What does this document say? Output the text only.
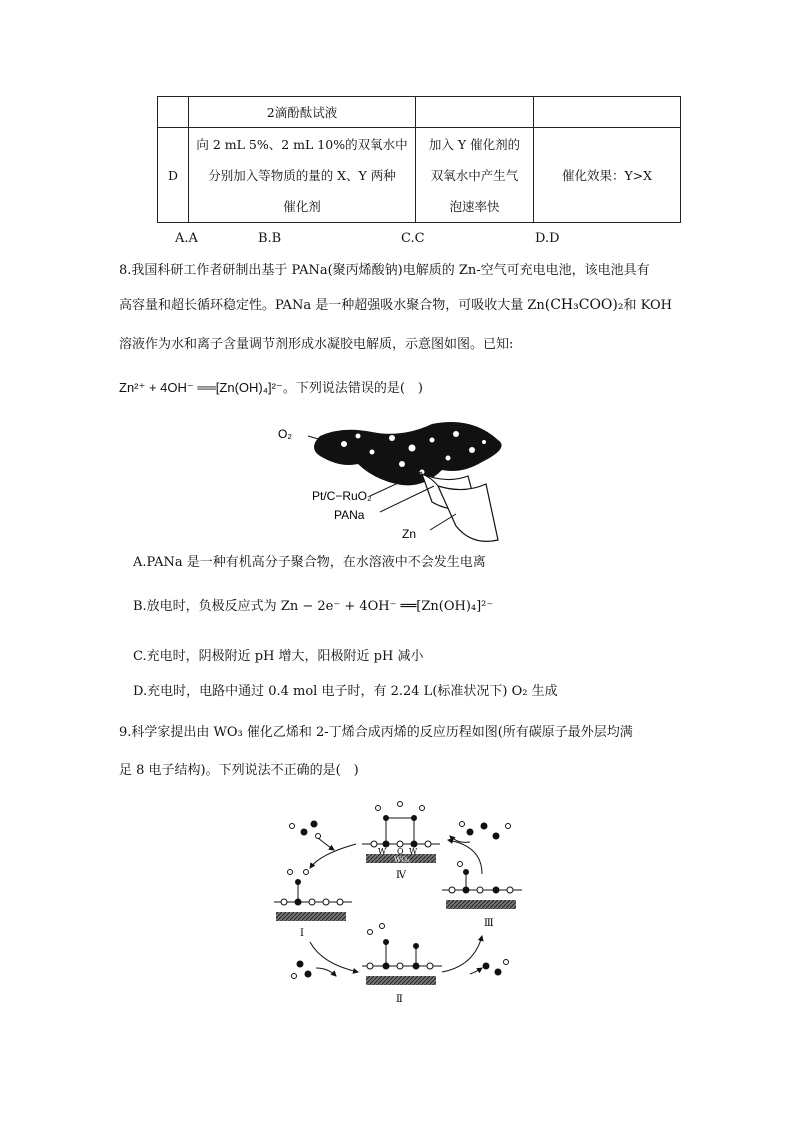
	2滴酚酞试液		
D	向 2 mL 5%、2 mL 10%的双氧水中
分别加入等物质的量的 X、Y 两种
催化剂	加入 Y 催化剂的
双氧水中产生气
泡速率快	催化效果：Y>X
A.A	B.B	C.C	D.D
8.我国科研工作者研制出基于 PANa(聚丙烯酸钠)电解质的 Zn-空气可充电电池，该电池具有
高容量和超长循环稳定性。PANa 是一种超强吸水聚合物，可吸收大量 Zn(CH₃COO)₂和 KOH
溶液作为水和离子含量调节剂形成水凝胶电解质，示意图如图。已知:
Zn²⁺ + 4OH⁻ ══[Zn(OH)₄]²⁻。下列说法错误的是(　)
O₂
Pt/C−RuO₂
PANa
Zn
A.PANa 是一种有机高分子聚合物，在水溶液中不会发生电离
B.放电时，负极反应式为 Zn − 2e⁻ + 4OH⁻ ══[Zn(OH)₄]²⁻
C.充电时，阴极附近 pH 增大，阳极附近 pH 减小
D.充电时，电路中通过 0.4 mol 电子时，有 2.24 L(标准状况下) O₂ 生成
9.科学家提出由 WO₃ 催化乙烯和 2-丁烯合成丙烯的反应历程如图(所有碳原子最外层均满
足 8 电子结构)。下列说法不正确的是(　)
W O W
WO₃
Ⅳ
Ⅰ
Ⅲ
Ⅱ
